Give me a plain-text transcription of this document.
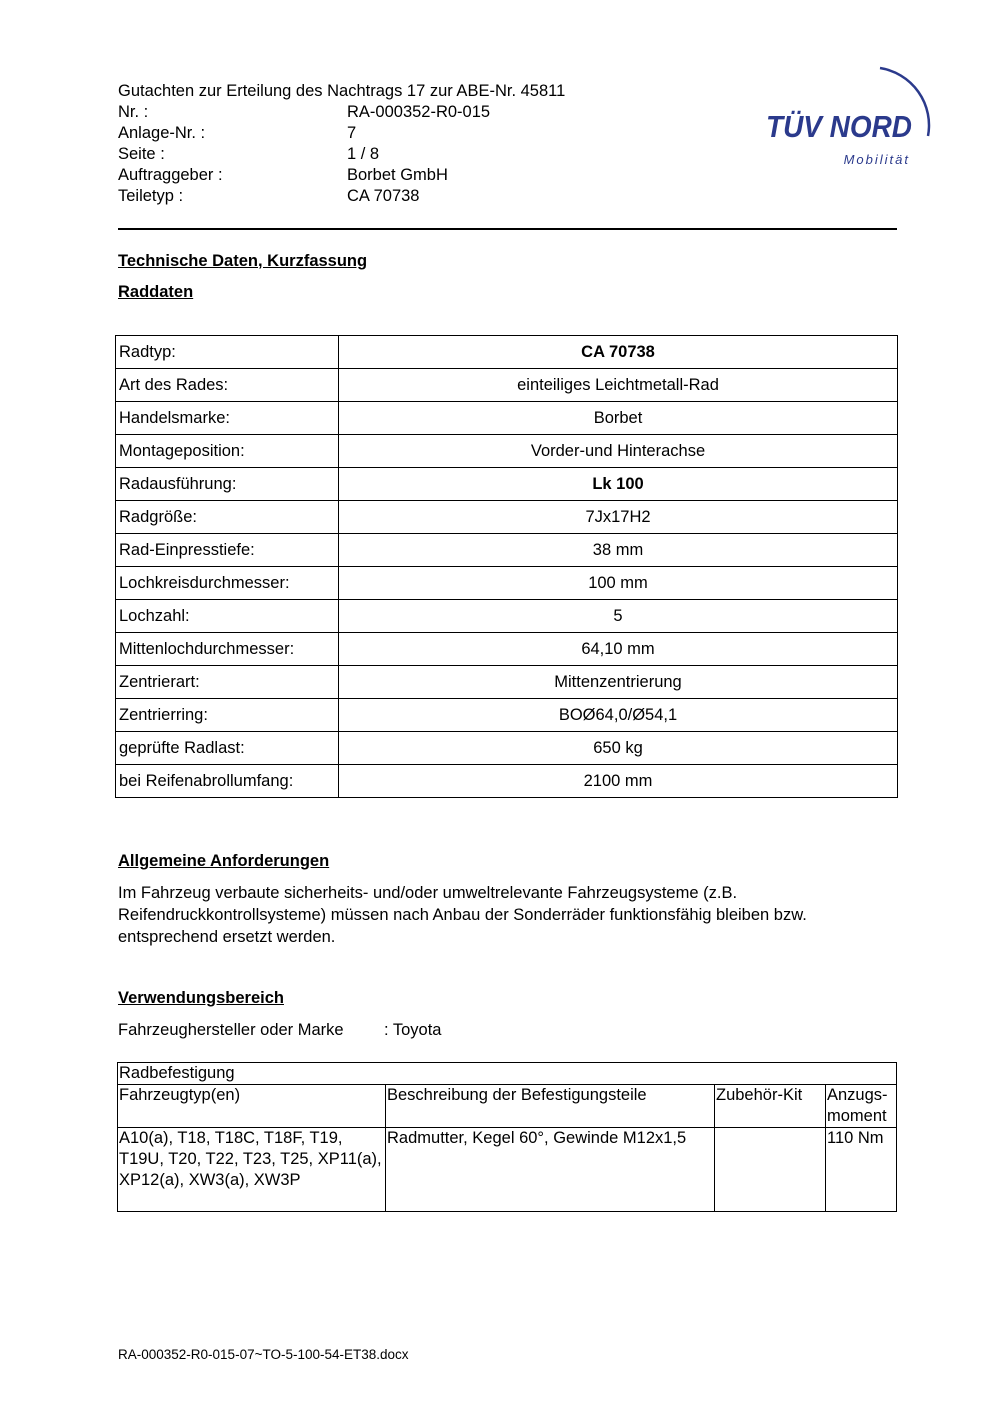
Gutachten zur Erteilung des Nachtrags 17 zur ABE-Nr. 45811
Nr. :	RA-000352-R0-015
Anlage-Nr. :	7
Seite :	1 / 8
Auftraggeber :	Borbet GmbH
Teiletyp :	CA 70738
TÜV NORD
Mobilität
Technische Daten, Kurzfassung
Raddaten
Radtyp:	CA 70738
Art des Rades:	einteiliges Leichtmetall-Rad
Handelsmarke:	Borbet
Montageposition:	Vorder-und Hinterachse
Radausführung:	Lk 100
Radgröße:	7Jx17H2
Rad-Einpresstiefe:	38 mm
Lochkreisdurchmesser:	100 mm
Lochzahl:	5
Mittenlochdurchmesser:	64,10 mm
Zentrierart:	Mittenzentrierung
Zentrierring:	BOØ64,0/Ø54,1
geprüfte Radlast:	650 kg
bei Reifenabrollumfang:	2100 mm
Allgemeine Anforderungen
Im Fahrzeug verbaute sicherheits- und/oder umweltrelevante Fahrzeugsysteme (z.B. Reifendruckkontrollsysteme) müssen nach Anbau der Sonderräder funktionsfähig bleiben bzw. entsprechend ersetzt werden.
Verwendungsbereich
Fahrzeughersteller oder Marke : Toyota
Radbefestigung			
Fahrzeugtyp(en)	Beschreibung der Befestigungsteile	Zubehör-Kit	Anzugs-moment
A10(a), T18, T18C, T18F, T19, T19U, T20, T22, T23, T25, XP11(a), XP12(a), XW3(a), XW3P	Radmutter, Kegel 60°, Gewinde M12x1,5		110 Nm
RA-000352-R0-015-07~TO-5-100-54-ET38.docx
